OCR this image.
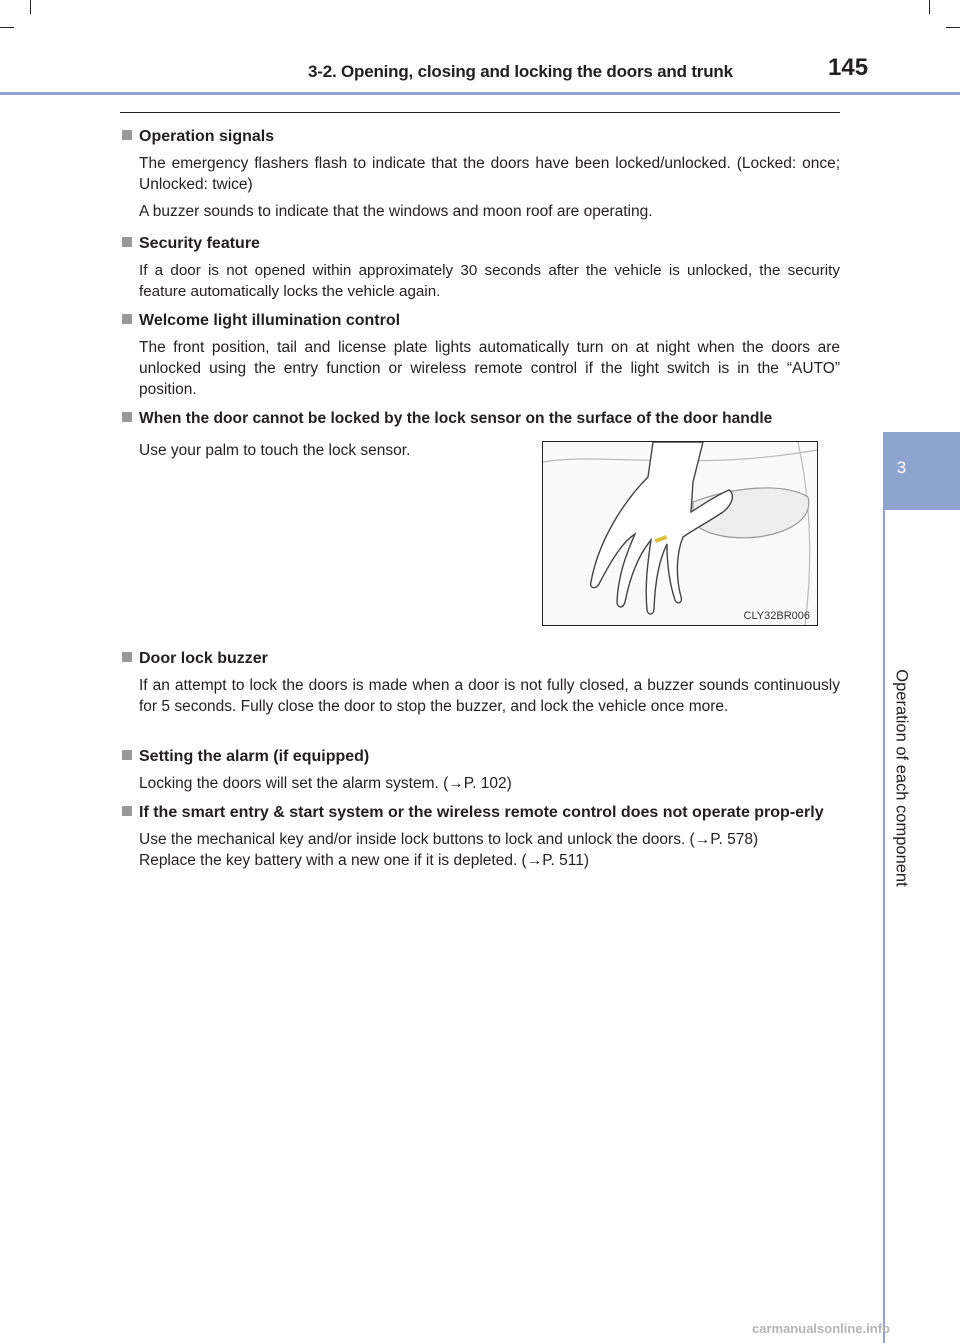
3-2. Opening, closing and locking the doors and trunk	145
3
Operation of each component
Operation signals
The emergency flashers flash to indicate that the doors have been locked/unlocked. (Locked: once; Unlocked: twice)
A buzzer sounds to indicate that the windows and moon roof are operating.
Security feature
If a door is not opened within approximately 30 seconds after the vehicle is unlocked, the security feature automatically locks the vehicle again.
Welcome light illumination control
The front position, tail and license plate lights automatically turn on at night when the doors are unlocked using the entry function or wireless remote control if the light switch is in the “AUTO” position.
When the door cannot be locked by the lock sensor on the surface of the door handle
Use your palm to touch the lock sensor.
CLY32BR006
Door lock buzzer
If an attempt to lock the doors is made when a door is not fully closed, a buzzer sounds continuously for 5 seconds. Fully close the door to stop the buzzer, and lock the vehicle once more.
Setting the alarm (if equipped)
Locking the doors will set the alarm system. (→P. 102)
If the smart entry & start system or the wireless remote control does not operate prop-erly
Use the mechanical key and/or inside lock buttons to lock and unlock the doors. (→P. 578)
Replace the key battery with a new one if it is depleted. (→P. 511)
carmanualsonline.info
